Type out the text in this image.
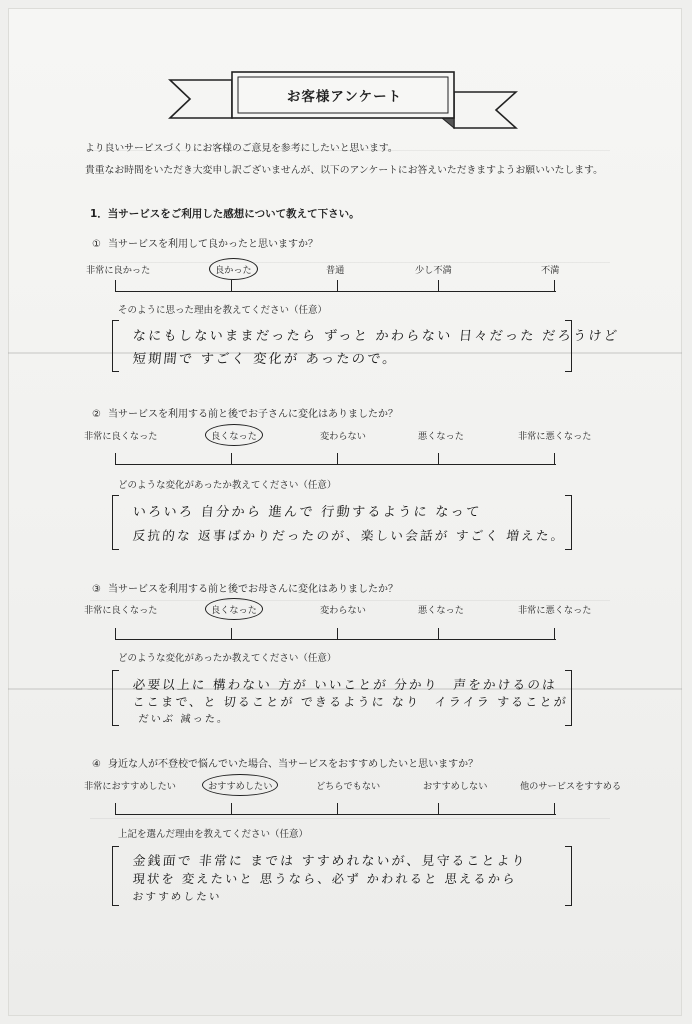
お客様アンケート
より良いサービスづくりにお客様のご意見を参考にしたいと思います。
貴重なお時間をいただき大変申し訳ございませんが、以下のアンケートにお答えいただきますようお願いいたします。
1．当サービスをご利用した感想について教えて下さい。
① 当サービスを利用して良かったと思いますか？
非常に良かった	良かった	普通	少し不満	不満
そのように思った理由を教えてください（任意）
なにもしないままだったら ずっと かわらない 日々だった だろうけど
短期間で すごく 変化が あったので。
② 当サービスを利用する前と後でお子さんに変化はありましたか？
非常に良くなった	良くなった	変わらない	悪くなった	非常に悪くなった
どのような変化があったか教えてください（任意）
いろいろ 自分から 進んで 行動するように なって
反抗的な 返事ばかりだったのが、楽しい会話が すごく 増えた。
③ 当サービスを利用する前と後でお母さんに変化はありましたか？
非常に良くなった	良くなった	変わらない	悪くなった	非常に悪くなった
どのような変化があったか教えてください（任意）
必要以上に 構わない 方が いいことが 分かり　声をかけるのは
ここまで、と 切ることが できるように なり　イライラ することが
だいぶ 減った。
④ 身近な人が不登校で悩んでいた場合、当サービスをおすすめしたいと思いますか？
非常におすすめしたい	おすすめしたい	どちらでもない	おすすめしない	他のサービスをすすめる
上記を選んだ理由を教えてください（任意）
金銭面で 非常に までは すすめれないが、見守ることより
現状を 変えたいと 思うなら、必ず かわれると 思えるから
おすすめしたい
